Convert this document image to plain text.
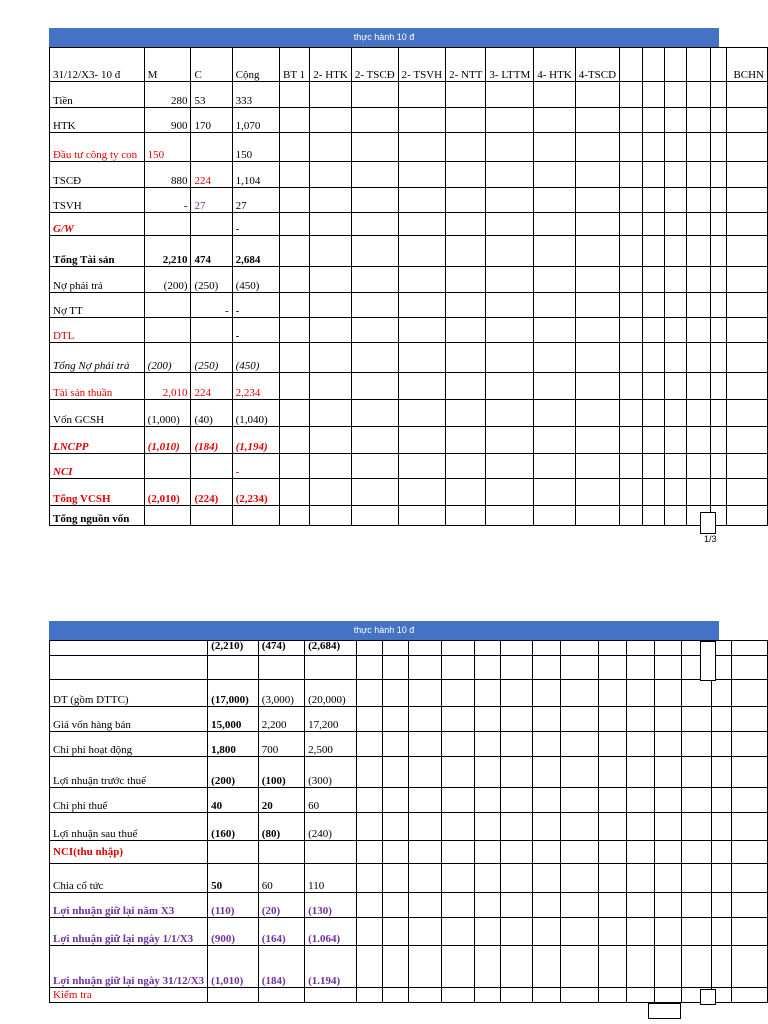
thực hành 10 đ
31/12/X3- 10 đ	M	C	Cộng	BT 1	2- HTK	2- TSCĐ	2- TSVH	2- NTT	3- LTTM	4- HTK	4-TSCD						BCHN
Tiền	280	53	333														
HTK	900	170	1,070														
Đầu tư công ty con	150		150														
TSCĐ	880	224	1,104														
TSVH	-	27	27														
G/W			-														
Tổng Tài sản	2,210	474	2,684														
Nợ phải trả	(200)	(250)	(450)														
Nợ TT		-	-														
DTL			-														
Tổng Nợ phải trả	(200)	(250)	(450)														
Tài sản thuần	2,010	224	2,234														
Vốn GCSH	(1,000)	(40)	(1,040)														
LNCPP	(1,010)	(184)	(1,194)														
NCI			-														
Tổng VCSH	(2,010)	(224)	(2,234)														
Tổng nguồn vốn																	
1/3
thực hành 10 đ
	(2,210)	(474)	(2,684)														

DT (gồm DTTC)	(17,000)	(3,000)	(20,000)														
Giá vốn hàng bán	15,000	2,200	17,200														
Chi phí hoạt động	1,800	700	2,500														
Lợi nhuận trước thuế	(200)	(100)	(300)														
Chi phí thuế	40	20	60														
Lợi nhuận sau thuế	(160)	(80)	(240)														
NCI(thu nhập)																	
Chia cổ tức	50	60	110														
Lợi nhuận giữ lại năm X3	(110)	(20)	(130)														
Lợi nhuận giữ lại ngày 1/1/X3	(900)	(164)	(1.064)														
Lợi nhuận giữ lại ngày 31/12/X3	(1,010)	(184)	(1.194)														
Kiểm tra																	
